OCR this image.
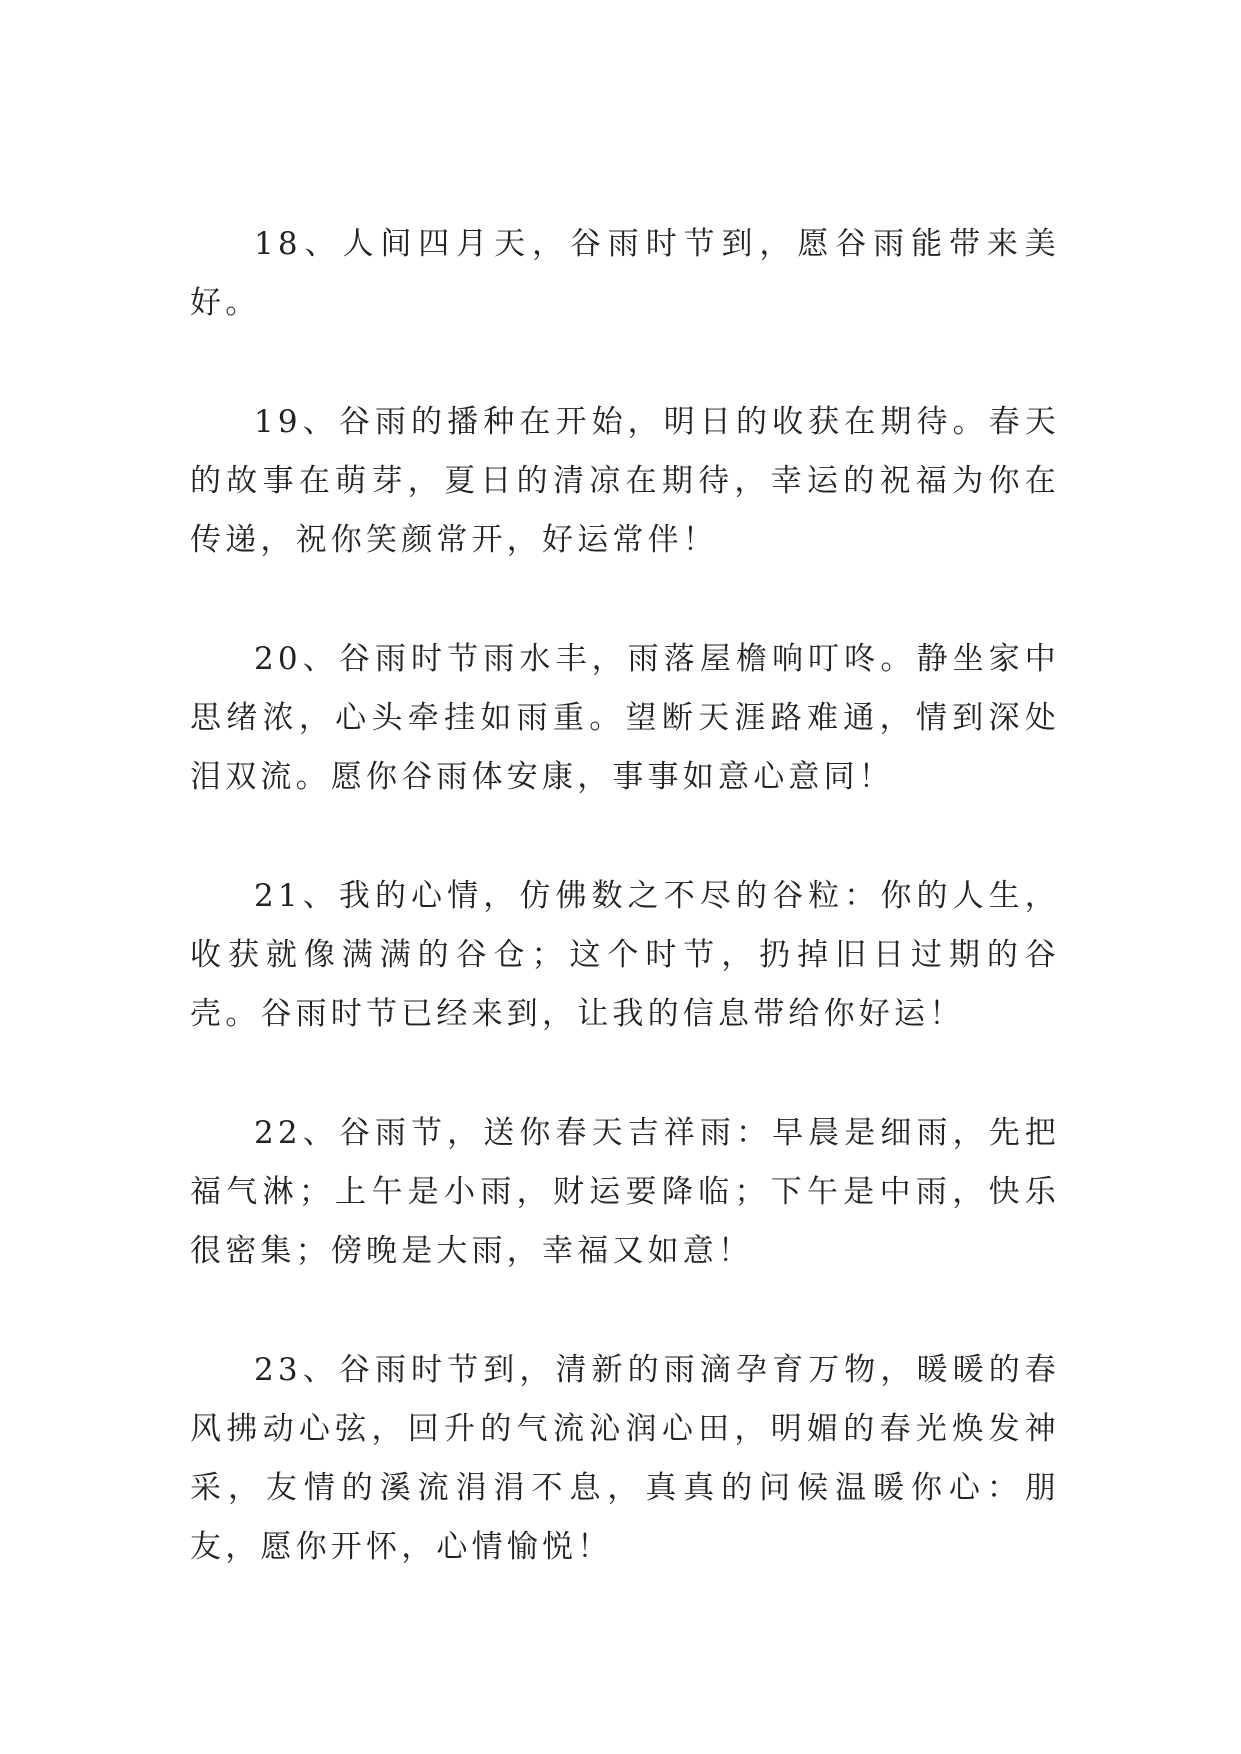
18、人间四月天，谷雨时节到，愿谷雨能带来美好。

19、谷雨的播种在开始，明日的收获在期待。春天的故事在萌芽，夏日的清凉在期待，幸运的祝福为你在传递，祝你笑颜常开，好运常伴！

20、谷雨时节雨水丰，雨落屋檐响叮咚。静坐家中思绪浓，心头牵挂如雨重。望断天涯路难通，情到深处泪双流。愿你谷雨体安康，事事如意心意同！

21、我的心情，仿佛数之不尽的谷粒：你的人生，收获就像满满的谷仓；这个时节，扔掉旧日过期的谷壳。谷雨时节已经来到，让我的信息带给你好运！

22、谷雨节，送你春天吉祥雨：早晨是细雨，先把福气淋；上午是小雨，财运要降临；下午是中雨，快乐很密集；傍晚是大雨，幸福又如意！

23、谷雨时节到，清新的雨滴孕育万物，暖暖的春风拂动心弦，回升的气流沁润心田，明媚的春光焕发神采，友情的溪流涓涓不息，真真的问候温暖你心：朋友，愿你开怀，心情愉悦！
